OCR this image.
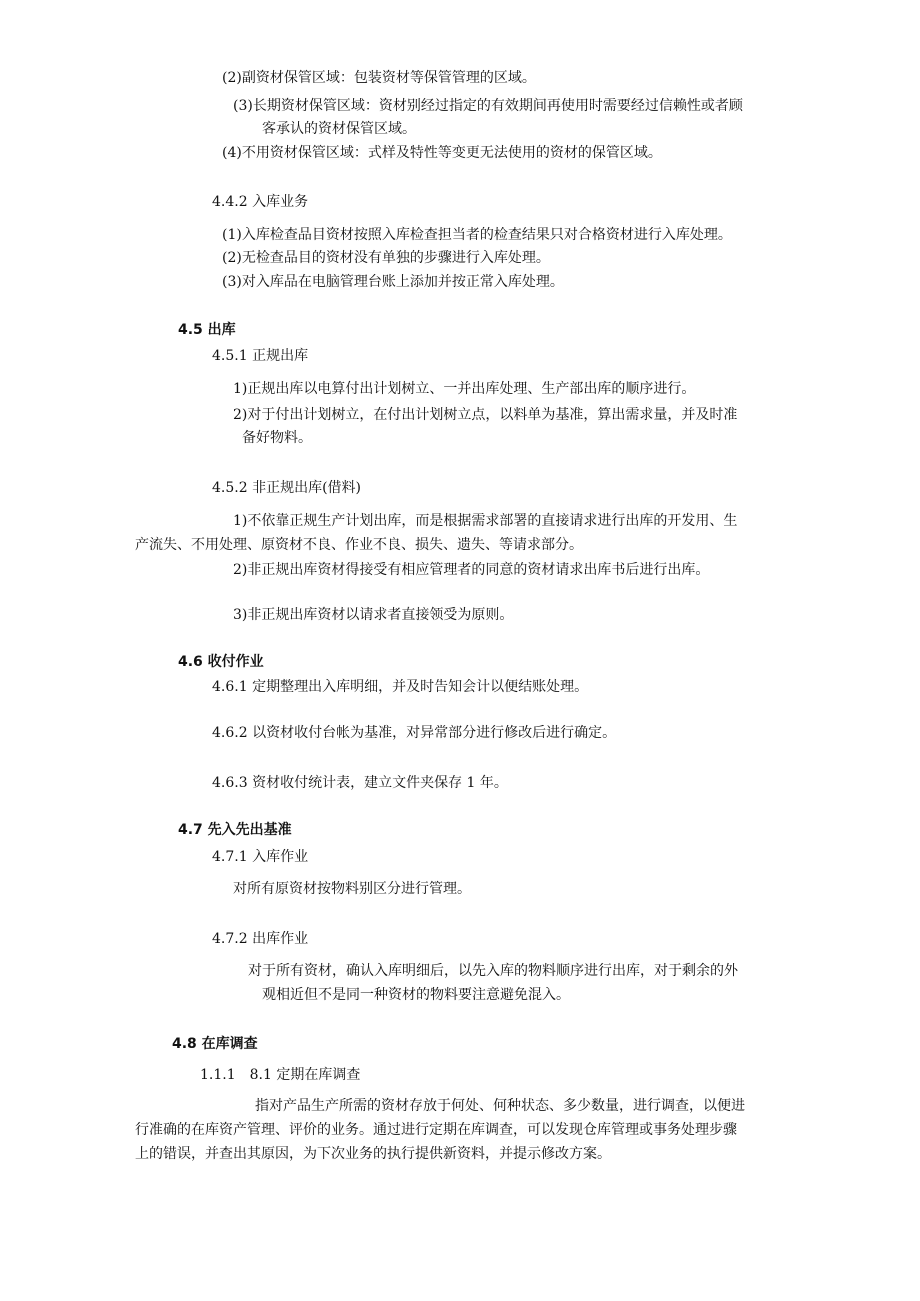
(2)副资材保管区域：包装资材等保管管理的区域。
(3)长期资材保管区域：资材别经过指定的有效期间再使用时需要经过信赖性或者顾
客承认的资材保管区域。
(4)不用资材保管区域：式样及特性等变更无法使用的资材的保管区域。
4.4.2 入库业务
(1)入库检查品目资材按照入库检查担当者的检查结果只对合格资材进行入库处理。
(2)无检查品目的资材没有单独的步骤进行入库处理。
(3)对入库品在电脑管理台账上添加并按正常入库处理。
4.5 出库
4.5.1 正规出库
1)正规出库以电算付出计划树立、一并出库处理、生产部出库的顺序进行。
2)对于付出计划树立，在付出计划树立点，以料单为基准，算出需求量，并及时准
备好物料。
4.5.2 非正规出库(借料)
1)不依靠正规生产计划出库，而是根据需求部署的直接请求进行出库的开发用、生
产流失、不用处理、原资材不良、作业不良、损失、遗失、等请求部分。
2)非正规出库资材得接受有相应管理者的同意的资材请求出库书后进行出库。
3)非正规出库资材以请求者直接领受为原则。
4.6 收付作业
4.6.1 定期整理出入库明细，并及时告知会计以便结账处理。
4.6.2 以资材收付台帐为基准，对异常部分进行修改后进行确定。
4.6.3 资材收付统计表，建立文件夹保存 1 年。
4.7 先入先出基准
4.7.1 入库作业
对所有原资材按物料别区分进行管理。
4.7.2 出库作业
对于所有资材，确认入库明细后，以先入库的物料顺序进行出库，对于剩余的外
观相近但不是同一种资材的物料要注意避免混入。
4.8 在库调查
1.1.1　8.1 定期在库调查
指对产品生产所需的资材存放于何处、何种状态、多少数量，进行调查，以便进
行准确的在库资产管理、评价的业务。通过进行定期在库调查，可以发现仓库管理或事务处理步骤
上的错误，并查出其原因，为下次业务的执行提供新资料，并提示修改方案。
